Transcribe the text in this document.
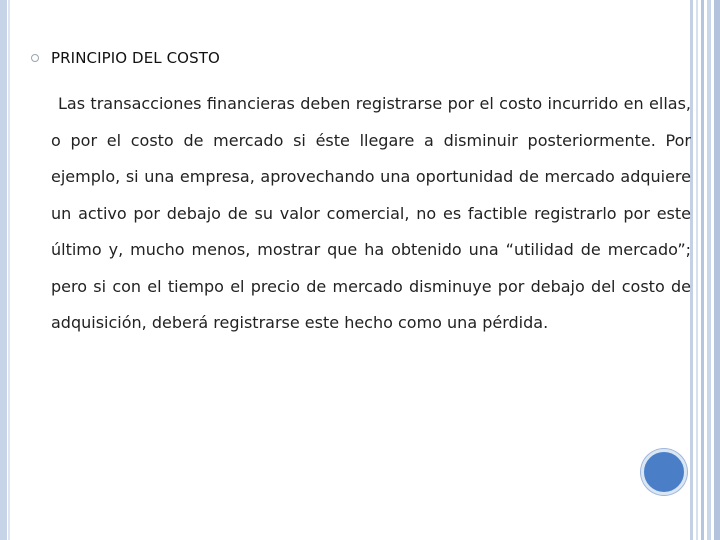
PRINCIPIO DEL COSTO
Las transacciones financieras deben registrarse por el costo incurrido en ellas, o por el costo de mercado si éste llegare a disminuir posteriormente. Por ejemplo, si una empresa, aprovechando una oportunidad de mercado adquiere un activo por debajo de su valor comercial, no es factible registrarlo por este último y, mucho menos, mostrar que ha obtenido una “utilidad de mercado”; pero si con el tiempo el precio de mercado disminuye por debajo del costo de adquisición, deberá registrarse este hecho como una pérdida.
